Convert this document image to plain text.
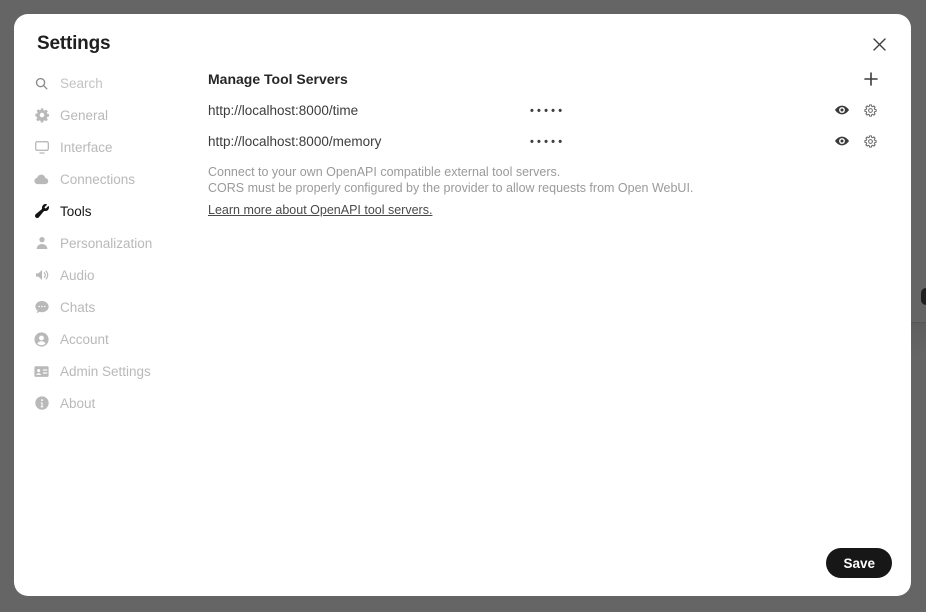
Settings
Search
General
Interface
Connections
Tools
Personalization
Audio
Chats
Account
Admin Settings
About
Manage Tool Servers
http://localhost:8000/time	•••••
http://localhost:8000/memory	•••••
Connect to your own OpenAPI compatible external tool servers.
CORS must be properly configured by the provider to allow requests from Open WebUI.
Learn more about OpenAPI tool servers.
Save
